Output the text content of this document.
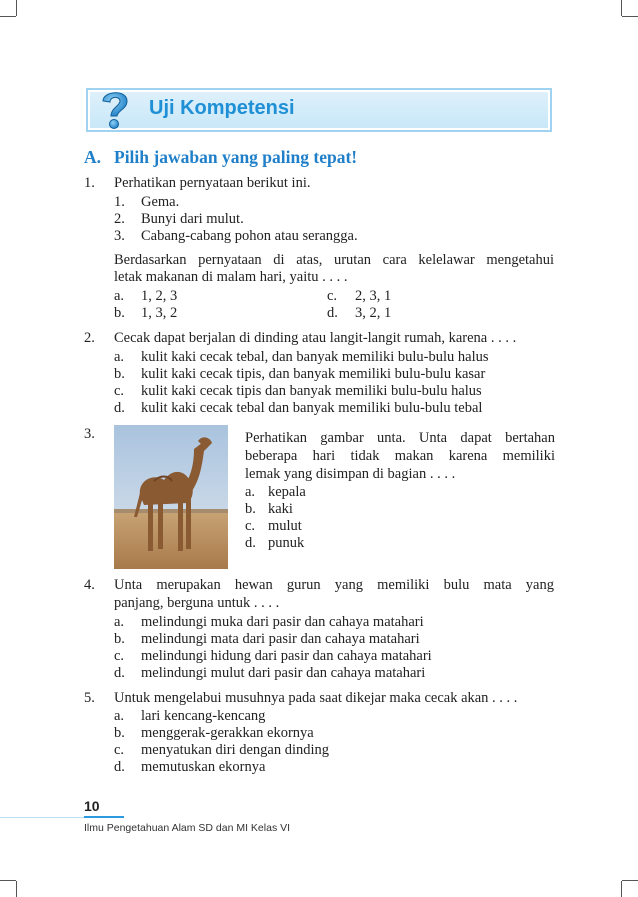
Uji Kompetensi
A. Pilih jawaban yang paling tepat!
1. Perhatikan pernyataan berikut ini.
1. Gema.
2. Bunyi dari mulut.
3. Cabang-cabang pohon atau serangga.
Berdasarkan pernyataan di atas, urutan cara kelelawar mengetahui
letak makanan di malam hari, yaitu . . . .
a. 1, 2, 3
b. 1, 3, 2
c. 2, 3, 1
d. 3, 2, 1
2. Cecak dapat berjalan di dinding atau langit-langit rumah, karena . . . .
a. kulit kaki cecak tebal, dan banyak memiliki bulu-bulu halus
b. kulit kaki cecak tipis, dan banyak memiliki bulu-bulu kasar
c. kulit kaki cecak tipis dan banyak memiliki bulu-bulu halus
d. kulit kaki cecak tebal dan banyak memiliki bulu-bulu tebal
3.	Perhatikan gambar unta. Unta dapat bertahan
beberapa hari tidak makan karena memiliki
lemak yang disimpan di bagian . . . .
a. kepala
b. kaki
c. mulut
d. punuk
4. Unta merupakan hewan gurun yang memiliki bulu mata yang
panjang, berguna untuk . . . .
a. melindungi muka dari pasir dan cahaya matahari
b. melindungi mata dari pasir dan cahaya matahari
c. melindungi hidung dari pasir dan cahaya matahari
d. melindungi mulut dari pasir dan cahaya matahari
5. Untuk mengelabui musuhnya pada saat dikejar maka cecak akan . . . .
a. lari kencang-kencang
b. menggerak-gerakkan ekornya
c. menyatukan diri dengan dinding
d. memutuskan ekornya
10
Ilmu Pengetahuan Alam SD dan MI Kelas VI
